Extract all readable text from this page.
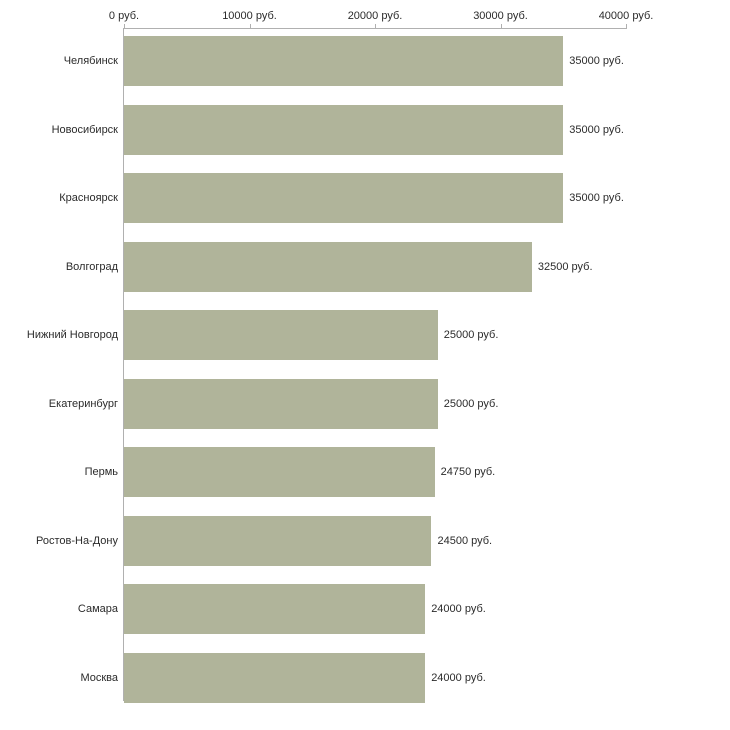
0 руб.	10000 руб.	20000 руб.	30000 руб.	40000 руб.
Челябинск	35000 руб.
Новосибирск	35000 руб.
Красноярск	35000 руб.
Волгоград	32500 руб.
Нижний Новгород	25000 руб.
Екатеринбург	25000 руб.
Пермь	24750 руб.
Ростов-На-Дону	24500 руб.
Самара	24000 руб.
Москва	24000 руб.
